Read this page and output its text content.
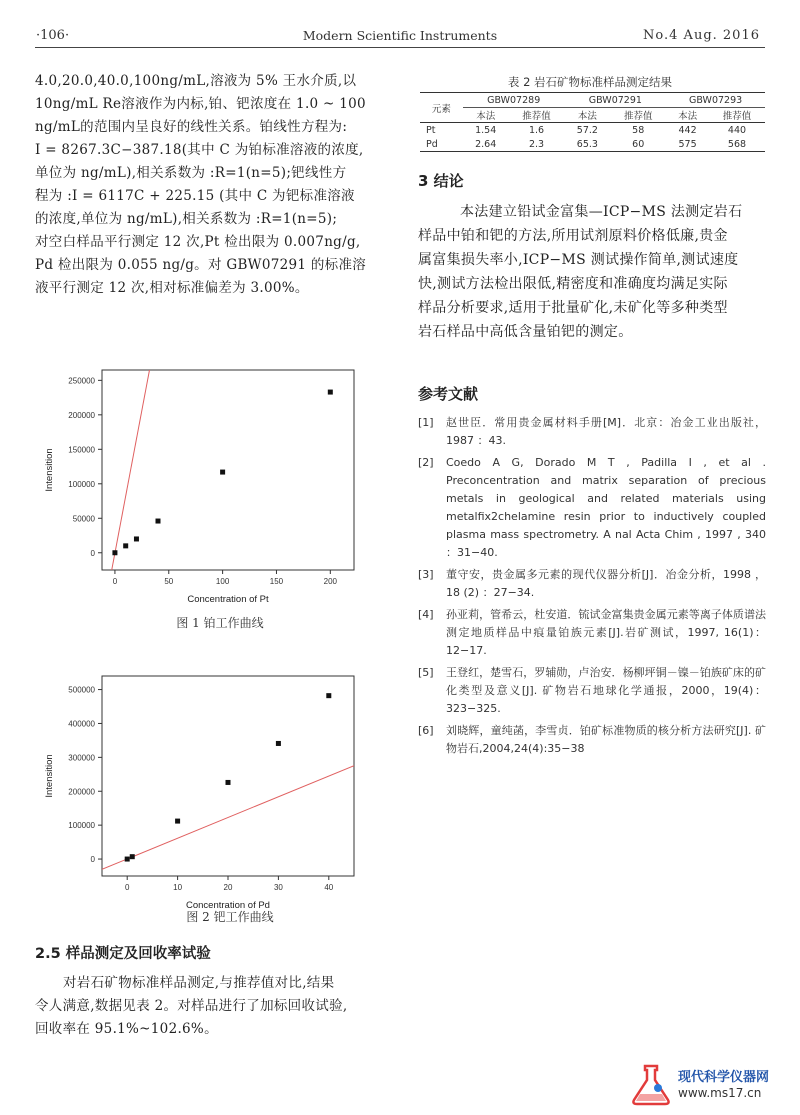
·106·	Modern Scientific Instruments	No.4 Aug. 2016

4.0,20.0,40.0,100ng/mL,溶液为 5% 王水介质,以

10ng/mL Re溶液作为内标,铂、钯浓度在 1.0 ~ 100

ng/mL的范围内呈良好的线性关系。铂线性方程为:

I = 8267.3C−387.18(其中 C 为铂标准溶液的浓度,

单位为 ng/mL),相关系数为 :R=1(n=5);钯线性方

程为 :I = 6117C + 225.15 (其中 C 为钯标准溶液

的浓度,单位为 ng/mL),相关系数为 :R=1(n=5);

对空白样品平行测定 12 次,Pt 检出限为 0.007ng/g,

Pd 检出限为 0.055 ng/g。对 GBW07291 的标准溶

液平行测定 12 次,相对标准偏差为 3.00%。

0
50000
100000
150000
200000
250000
0	50	100	150	200
Concentration of Pt
Intensition
图 1 铂工作曲线
0
100000
200000
300000
400000
500000
0	10	20	30	40
Concentration of Pd
Intensition
图 2 钯工作曲线
2.5 样品测定及回收率试验

对岩石矿物标准样品测定,与推荐值对比,结果

令人满意,数据见表 2。对样品进行了加标回收试验,

回收率在 95.1%~102.6%。

表 2 岩石矿物标准样品测定结果
元素	GBW07289		GBW07291		GBW07293	
	本法	推荐值	本法	推荐值	本法	推荐值
Pt	1.54	1.6	57.2	58	442	440
Pd	2.64	2.3	65.3	60	575	568
3 结论

本法建立铅试金富集—ICP−MS 法测定岩石

样品中铂和钯的方法,所用试剂原料价格低廉,贵金

属富集损失率小,ICP−MS 测试操作简单,测试速度

快,测试方法检出限低,精密度和准确度均满足实际

样品分析要求,适用于批量矿化,未矿化等多种类型

岩石样品中高低含量铂钯的测定。

参考文献
[1]	赵世臣．常用贵金属材料手册[M]．北京：冶金工业出版社，1987 ：43.
[2]	Coedo A G, Dorado M T , Padilla I , et al . Preconcentration and matrix separation of precious metals in geological and related materials using metalfix2chelamine resin prior to inductively coupled plasma mass spectrometry. A nal Acta Chim , 1997 , 340 ：31−40.
[3]	董守安，贵金属多元素的现代仪器分析[J]．冶金分析，1998 ，18 (2) ：27−34.
[4]	孙亚莉，管希云，杜安道．锍试金富集贵金属元素等离子体质谱法测定地质样品中痕量铂族元素[J].岩矿测试，1997, 16(1)：12−17.
[5]	王登红，楚雪石，罗辅勋，卢治安．杨柳坪铜－镍－铂族矿床的矿化类型及意义[J]. 矿物岩石地球化学通报，2000，19(4)：323−325.
[6]	刘晓辉，童纯菡，李雪贞．铂矿标准物质的核分析方法研究[J]. 矿物岩石,2004,24(4):35−38
现代科学仪器网
www.ms17.cn
